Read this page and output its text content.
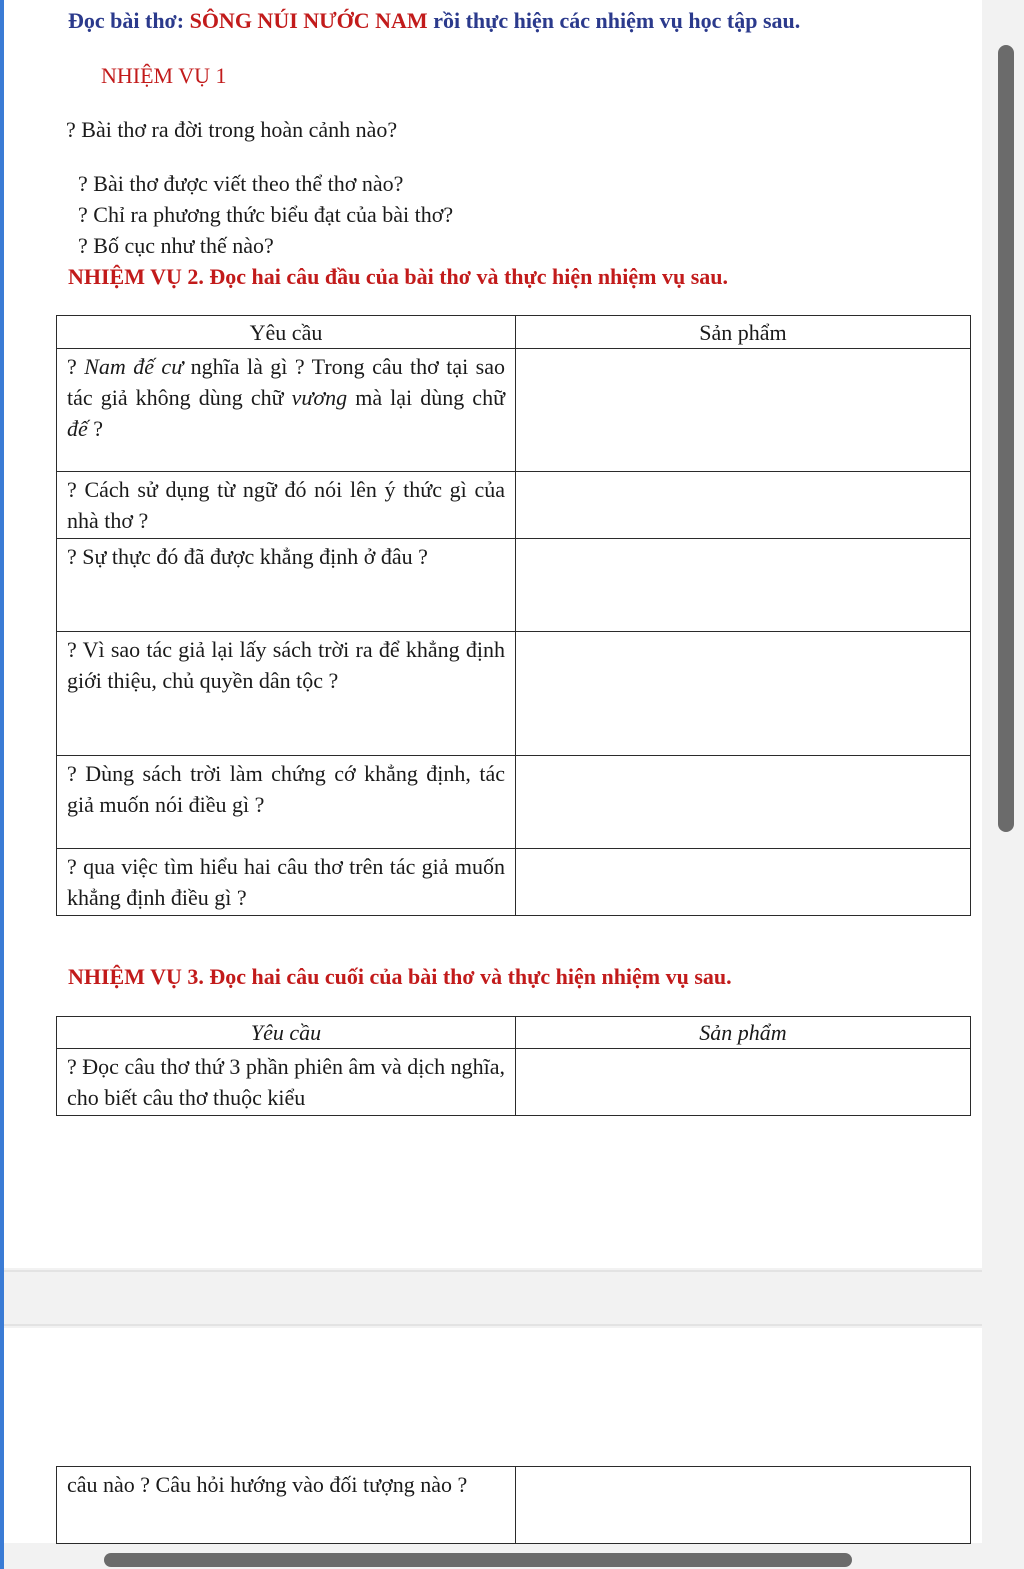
Đọc bài thơ: SÔNG NÚI NƯỚC NAM rồi thực hiện các nhiệm vụ học tập sau.
NHIỆM VỤ 1
? Bài thơ ra đời trong hoàn cảnh nào?
? Bài thơ được viết theo thể thơ nào?
? Chỉ ra phương thức biểu đạt của bài thơ?
? Bố cục như thế nào?
NHIỆM VỤ 2. Đọc hai câu đầu của bài thơ và thực hiện nhiệm vụ sau.
Yêu cầu	Sản phẩm
? Nam đế cư nghĩa là gì ? Trong câu thơ tại sao tác giả không dùng chữ vương mà lại dùng chữ đế ?	
? Cách sử dụng từ ngữ đó nói lên ý thức gì của nhà thơ ?	
? Sự thực đó đã được khẳng định ở đâu ?	
? Vì sao tác giả lại lấy sách trời ra để khẳng định giới thiệu, chủ quyền dân tộc ?	
? Dùng sách trời làm chứng cớ khẳng định, tác giả muốn nói điều gì ?	
? qua việc tìm hiểu hai câu thơ trên tác giả muốn khẳng định điều gì ?	
NHIỆM VỤ 3. Đọc hai câu cuối của bài thơ và thực hiện nhiệm vụ sau.
Yêu cầu	Sản phẩm
? Đọc câu thơ thứ 3 phần phiên âm và dịch nghĩa, cho biết câu thơ thuộc kiểu	
câu nào ? Câu hỏi hướng vào đối tượng nào ?	
